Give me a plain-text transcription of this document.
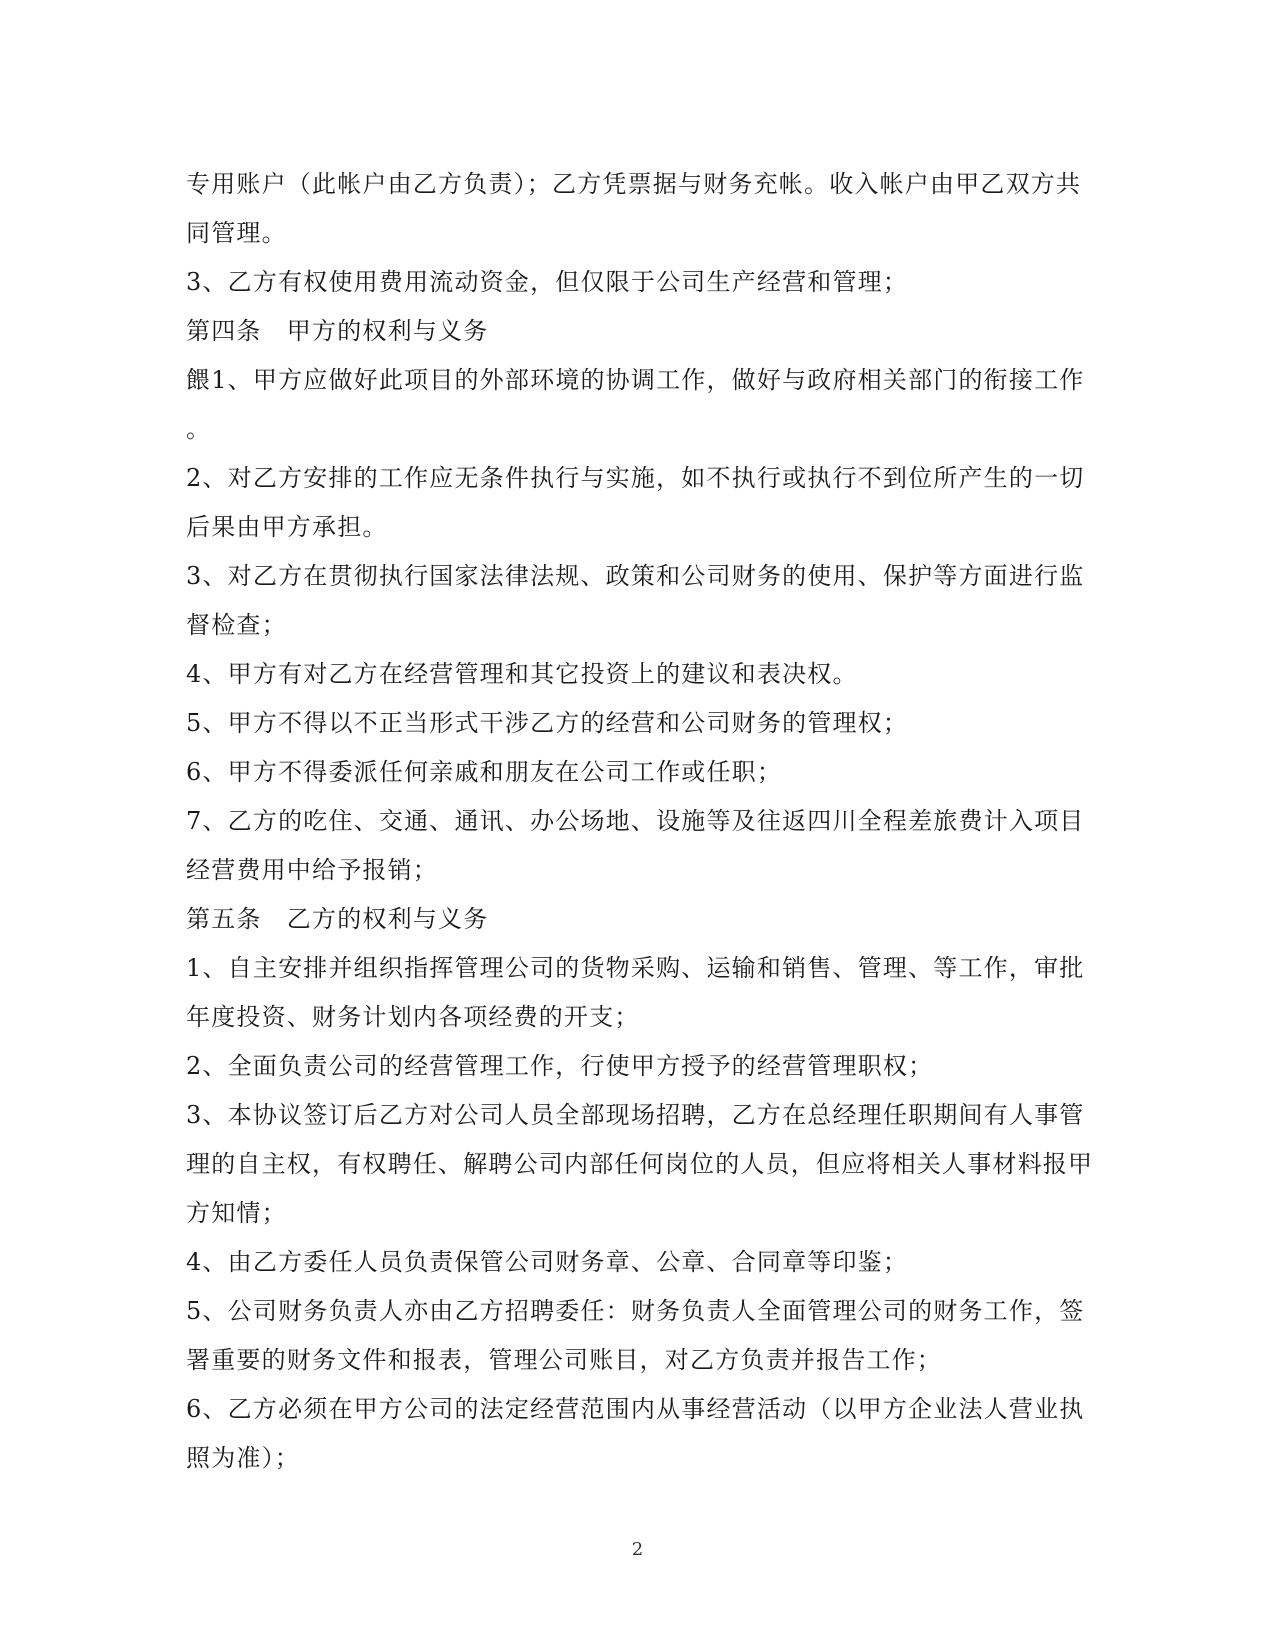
专用账户（此帐户由乙方负责）；乙方凭票据与财务充帐。收入帐户由甲乙双方共
同管理。
3、乙方有权使用费用流动资金，但仅限于公司生产经营和管理；
第四条　甲方的权利与义务
餵1、甲方应做好此项目的外部环境的协调工作，做好与政府相关部门的衔接工作
。
2、对乙方安排的工作应无条件执行与实施，如不执行或执行不到位所产生的一切
后果由甲方承担。
3、对乙方在贯彻执行国家法律法规、政策和公司财务的使用、保护等方面进行监
督检查；
4、甲方有对乙方在经营管理和其它投资上的建议和表决权。
5、甲方不得以不正当形式干涉乙方的经营和公司财务的管理权；
6、甲方不得委派任何亲戚和朋友在公司工作或任职；
7、乙方的吃住、交通、通讯、办公场地、设施等及往返四川全程差旅费计入项目
经营费用中给予报销；
第五条　乙方的权利与义务
1、自主安排并组织指挥管理公司的货物采购、运输和销售、管理、等工作，审批
年度投资、财务计划内各项经费的开支；
2、全面负责公司的经营管理工作，行使甲方授予的经营管理职权；
3、本协议签订后乙方对公司人员全部现场招聘，乙方在总经理任职期间有人事管
理的自主权，有权聘任、解聘公司内部任何岗位的人员，但应将相关人事材料报甲
方知情；
4、由乙方委任人员负责保管公司财务章、公章、合同章等印鉴；
5、公司财务负责人亦由乙方招聘委任：财务负责人全面管理公司的财务工作，签
署重要的财务文件和报表，管理公司账目，对乙方负责并报告工作；
6、乙方必须在甲方公司的法定经营范围内从事经营活动（以甲方企业法人营业执
照为准）；
2
